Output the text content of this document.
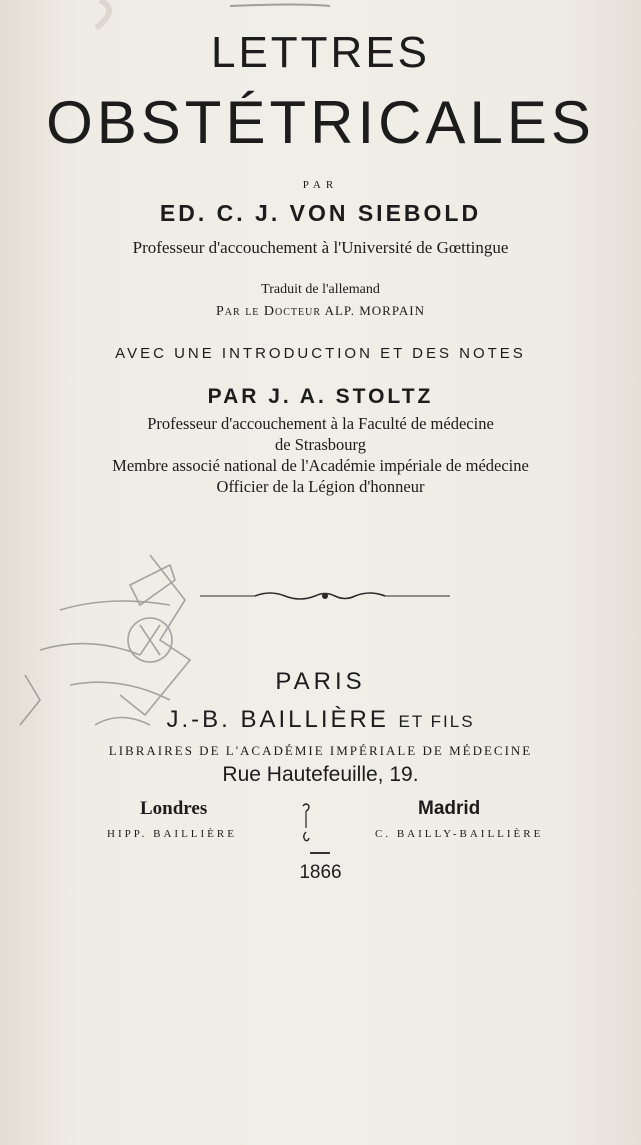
LETTRES
OBSTÉTRICALES
PAR
ED. C. J. VON SIEBOLD
Professeur d'accouchement à l'Université de Gœttingue
Traduit de l'allemand
Par le Docteur ALP. MORPAIN
AVEC UNE INTRODUCTION ET DES NOTES
PAR J. A. STOLTZ
Professeur d'accouchement à la Faculté de médecine
de Strasbourg
Membre associé national de l'Académie impériale de médecine
Officier de la Légion d'honneur
PARIS
J.-B. BAILLIÈRE ET FILS
LIBRAIRES DE L'ACADÉMIE IMPÉRIALE DE MÉDECINE
Rue Hautefeuille, 19.
Londres	Madrid
HIPP. BAILLIÈRE	C. BAILLY-BAILLIÈRE
1866
